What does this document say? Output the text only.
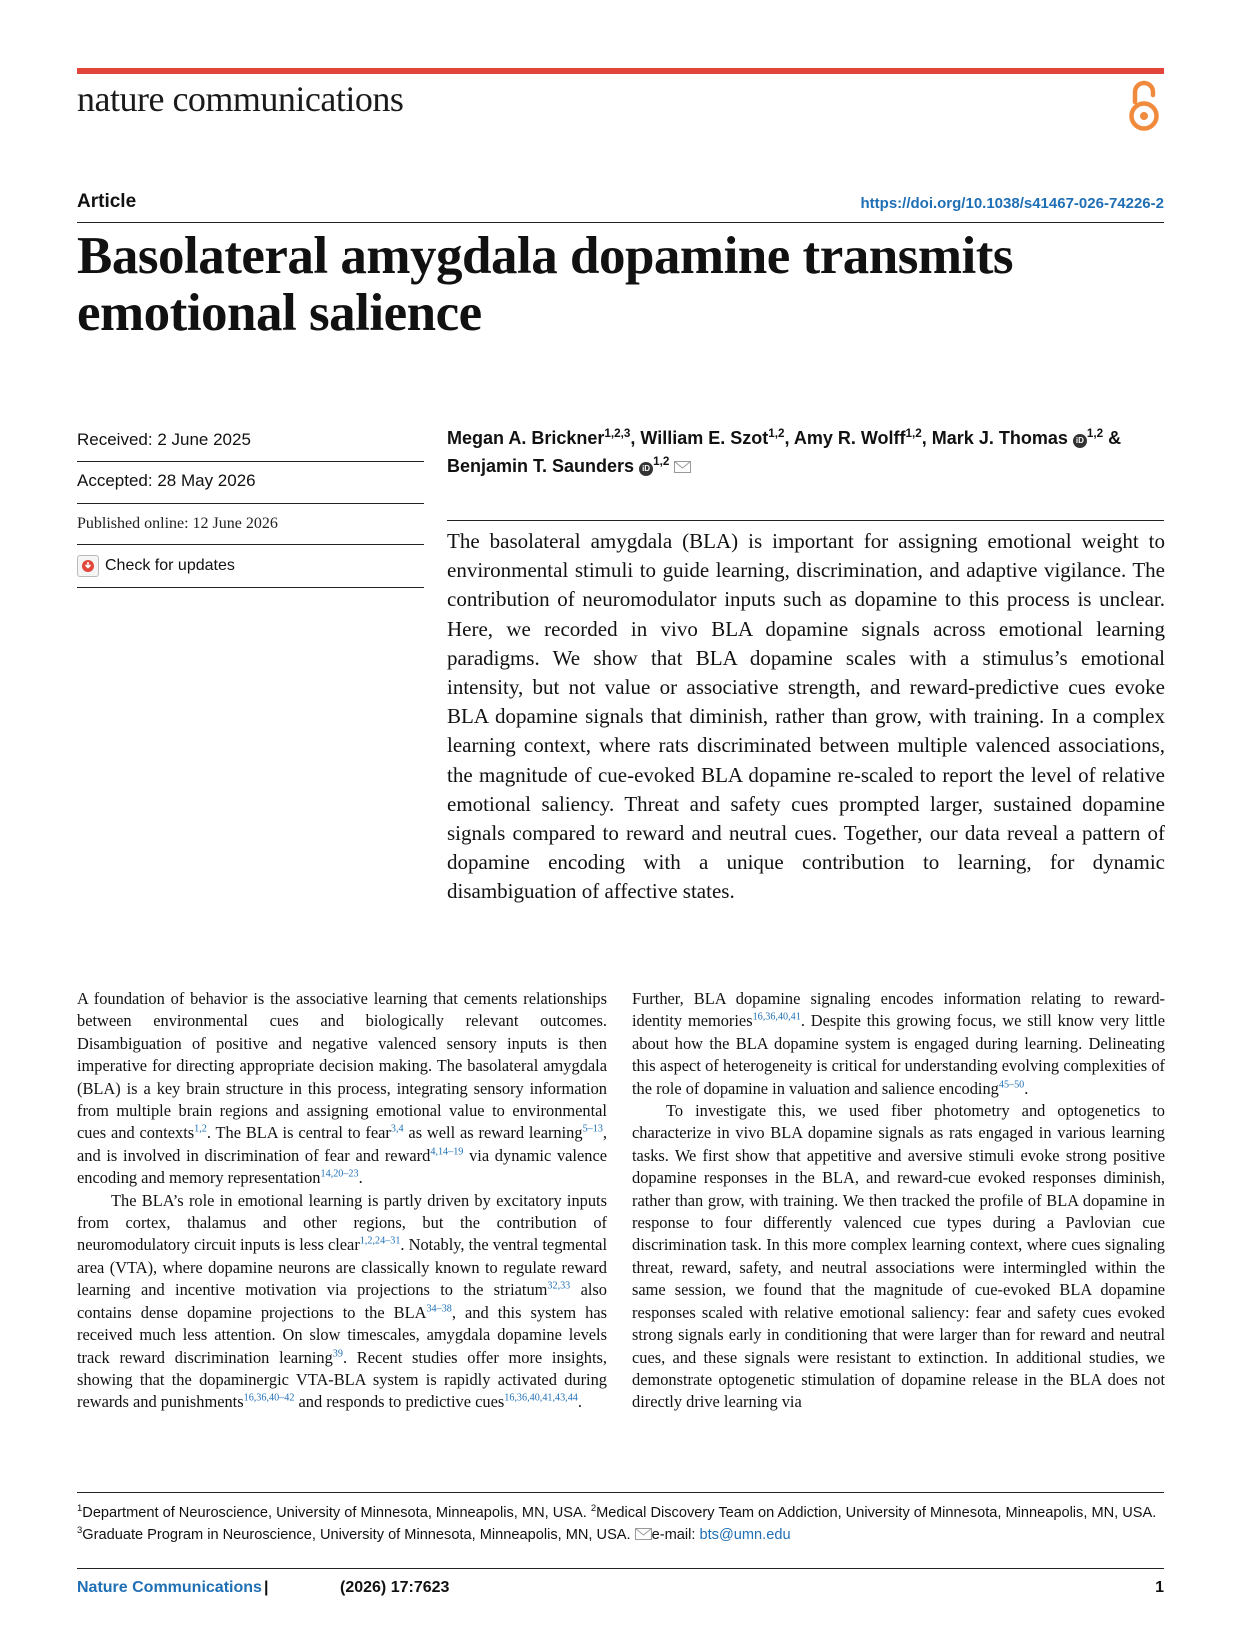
nature communications
Article	https://doi.org/10.1038/s41467-026-74226-2
Basolateral amygdala dopamine transmits emotional salience
Received: 2 June 2025
Accepted: 28 May 2026
Published online: 12 June 2026
Check for updates
Megan A. Brickner$^{1,2,3}$, William E. Szot$^{1,2}$, Amy R. Wolff$^{1,2}$, Mark J. Thomas iD$^{1,2}$ &
Benjamin T. Saunders iD$^{1,2}$
The basolateral amygdala (BLA) is important for assigning emotional weight to environmental stimuli to guide learning, discrimination, and adaptive vigilance. The contribution of neuromodulator inputs such as dopamine to this process is unclear. Here, we recorded in vivo BLA dopamine signals across emotional learning paradigms. We show that BLA dopamine scales with a stimulus’s emotional intensity, but not value or associative strength, and reward-predictive cues evoke BLA dopamine signals that diminish, rather than grow, with training. In a complex learning context, where rats discriminated between multiple valenced associations, the magnitude of cue-evoked BLA dopamine re-scaled to report the level of relative emotional saliency. Threat and safety cues prompted larger, sustained dopamine signals compared to reward and neutral cues. Together, our data reveal a pattern of dopamine encoding with a unique contribution to learning, for dynamic disambiguation of affective states.

A foundation of behavior is the associative learning that cements relationships between environmental cues and biologically relevant outcomes. Disambiguation of positive and negative valenced sensory inputs is then imperative for directing appropriate decision making. The basolateral amygdala (BLA) is a key brain structure in this process, integrating sensory information from multiple brain regions and assigning emotional value to environmental cues and contexts$^{1,2}$. The BLA is central to fear$^{3,4}$ as well as reward learning$^{5-13}$, and is involved in discrimination of fear and reward$^{4,14-19}$ via dynamic valence encoding and memory representation$^{14,20-23}$.

The BLA’s role in emotional learning is partly driven by excitatory inputs from cortex, thalamus and other regions, but the contribution of neuromodulatory circuit inputs is less clear$^{1,2,24-31}$. Notably, the ventral tegmental area (VTA), where dopamine neurons are classically known to regulate reward learning and incentive motivation via projections to the striatum$^{32,33}$ also contains dense dopamine projections to the BLA$^{34-38}$, and this system has received much less attention. On slow timescales, amygdala dopamine levels track reward discrimination learning$^{39}$. Recent studies offer more insights, showing that the dopaminergic VTA-BLA system is rapidly activated during rewards and punishments$^{16,36,40-42}$ and responds to predictive cues$^{16,36,40,41,43,44}$.

Further, BLA dopamine signaling encodes information relating to reward-identity memories$^{16,36,40,41}$. Despite this growing focus, we still know very little about how the BLA dopamine system is engaged during learning. Delineating this aspect of heterogeneity is critical for understanding evolving complexities of the role of dopamine in valuation and salience encoding$^{45-50}$.

To investigate this, we used fiber photometry and optogenetics to characterize in vivo BLA dopamine signals as rats engaged in various learning tasks. We first show that appetitive and aversive stimuli evoke strong positive dopamine responses in the BLA, and reward-cue evoked responses diminish, rather than grow, with training. We then tracked the profile of BLA dopamine in response to four differently valenced cue types during a Pavlovian cue discrimination task. In this more complex learning context, where cues signaling threat, reward, safety, and neutral associations were intermingled within the same session, we found that the magnitude of cue-evoked BLA dopamine responses scaled with relative emotional saliency: fear and safety cues evoked strong signals early in conditioning that were larger than for reward and neutral cues, and these signals were resistant to extinction. In additional studies, we demonstrate optogenetic stimulation of dopamine release in the BLA does not directly drive learning via

$^1$Department of Neuroscience, University of Minnesota, Minneapolis, MN, USA. $^2$Medical Discovery Team on Addiction, University of Minnesota, Minneapolis, MN, USA. $^3$Graduate Program in Neuroscience, University of Minnesota, Minneapolis, MN, USA. e-mail: bts@umn.edu
Nature Communications |	(2026) 17:7623	1
